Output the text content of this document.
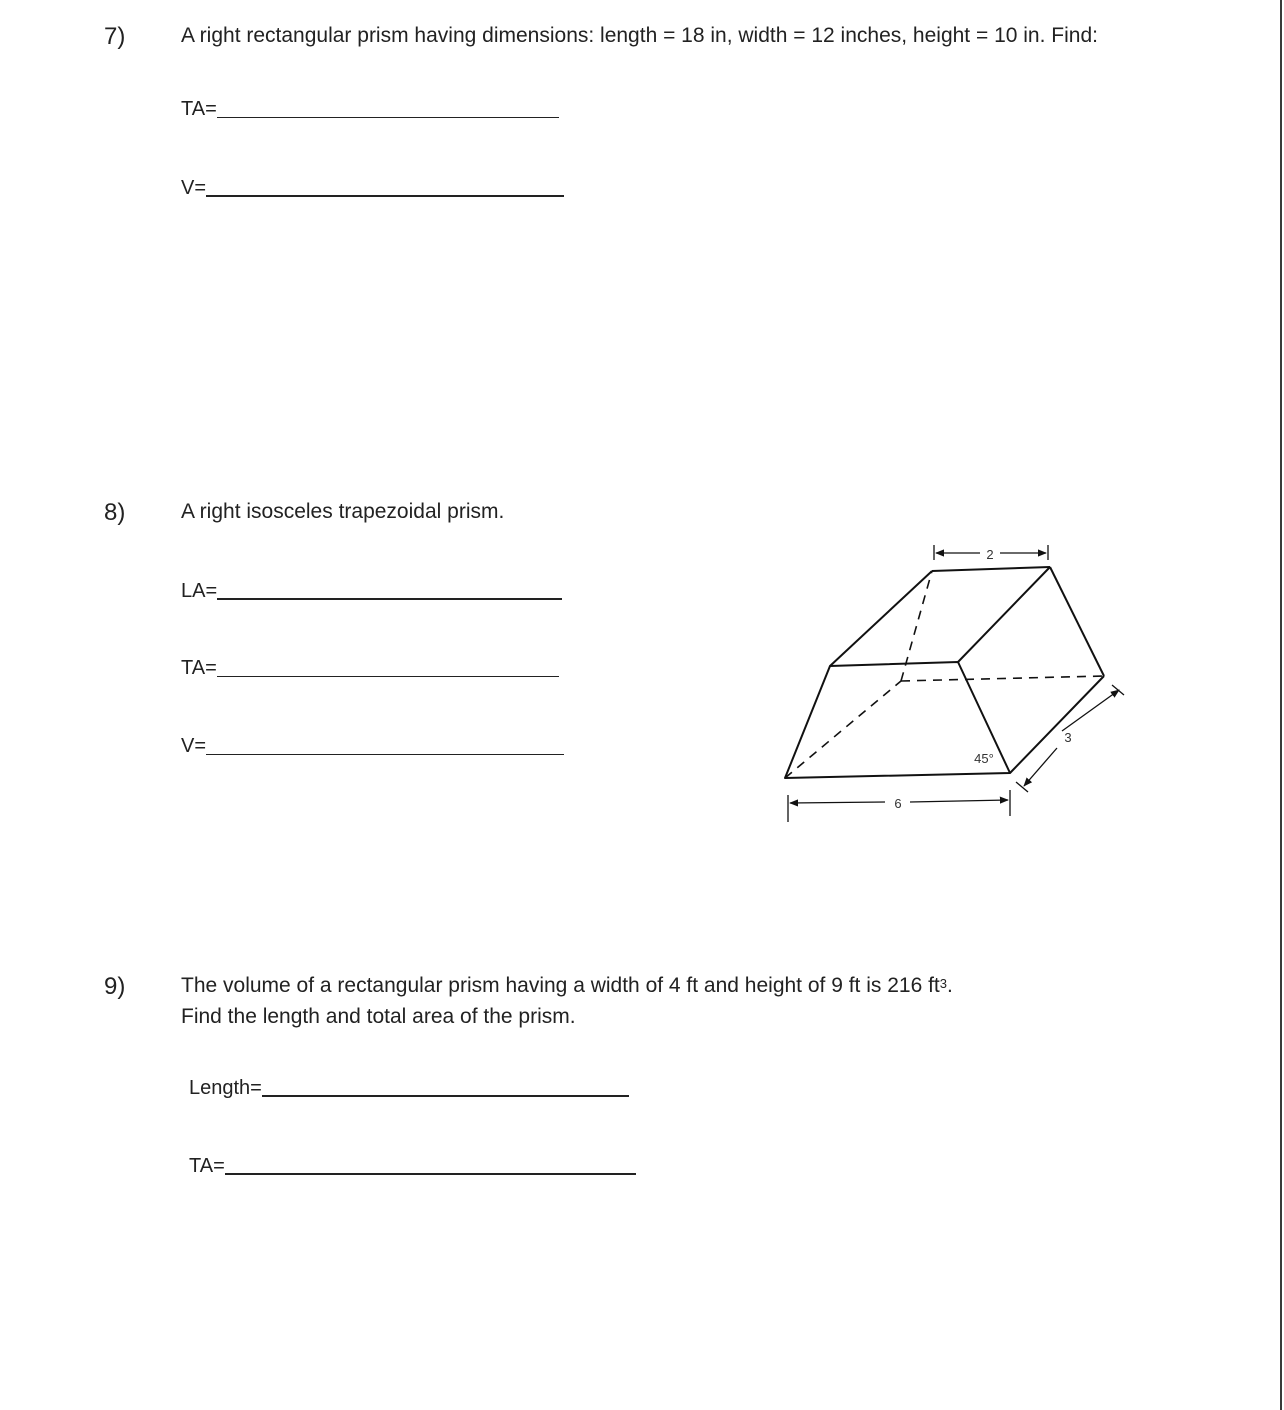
7)	A right rectangular prism having dimensions: length = 18 in, width = 12 inches, height = 10 in. Find:
TA=
V=
8)	A right isosceles trapezoidal prism.
LA=
TA=
V=
2
6
3
45°
9)	The volume of a rectangular prism having a width of 4 ft and height of 9 ft is 216 $ft^3$.
Find the length and total area of the prism.
Length=
TA=
